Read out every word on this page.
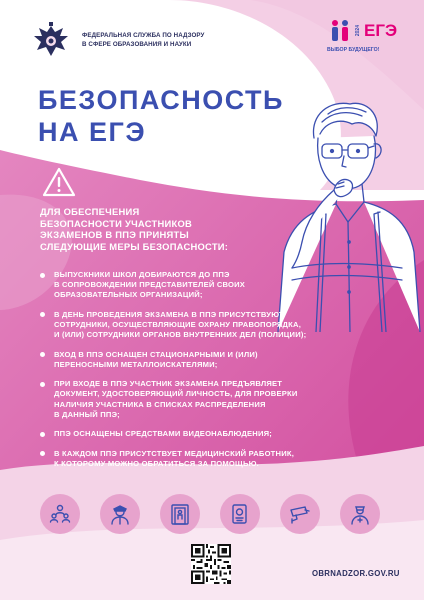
ФЕДЕРАЛЬНАЯ СЛУЖБА ПО НАДЗОРУ
В СФЕРЕ ОБРАЗОВАНИЯ И НАУКИ
2024 ЕГЭ
ВЫБОР БУДУЩЕГО!
БЕЗОПАСНОСТЬ
НА ЕГЭ
ДЛЯ ОБЕСПЕЧЕНИЯ
БЕЗОПАСНОСТИ УЧАСТНИКОВ
ЭКЗАМЕНОВ В ППЭ ПРИНЯТЫ
СЛЕДУЮЩИЕ МЕРЫ БЕЗОПАСНОСТИ:
ВЫПУСКНИКИ ШКОЛ ДОБИРАЮТСЯ ДО ППЭ
В СОПРОВОЖДЕНИИ ПРЕДСТАВИТЕЛЕЙ СВОИХ
ОБРАЗОВАТЕЛЬНЫХ ОРГАНИЗАЦИЙ;
В ДЕНЬ ПРОВЕДЕНИЯ ЭКЗАМЕНА В ППЭ ПРИСУТСТВУЮТ
СОТРУДНИКИ, ОСУЩЕСТВЛЯЮЩИЕ ОХРАНУ ПРАВОПОРЯДКА,
И (ИЛИ) СОТРУДНИКИ ОРГАНОВ ВНУТРЕННИХ ДЕЛ (ПОЛИЦИИ);
ВХОД В ППЭ ОСНАЩЕН СТАЦИОНАРНЫМИ И (ИЛИ)
ПЕРЕНОСНЫМИ МЕТАЛЛОИСКАТЕЛЯМИ;
ПРИ ВХОДЕ В ППЭ УЧАСТНИК ЭКЗАМЕНА ПРЕДЪЯВЛЯЕТ
ДОКУМЕНТ, УДОСТОВЕРЯЮЩИЙ ЛИЧНОСТЬ, ДЛЯ ПРОВЕРКИ
НАЛИЧИЯ УЧАСТНИКА В СПИСКАХ РАСПРЕДЕЛЕНИЯ
В ДАННЫЙ ППЭ;
ППЭ ОСНАЩЕНЫ СРЕДСТВАМИ ВИДЕОНАБЛЮДЕНИЯ;
В КАЖДОМ ППЭ ПРИСУТСТВУЕТ МЕДИЦИНСКИЙ РАБОТНИК,
К КОТОРОМУ МОЖНО ОБРАТИТЬСЯ ЗА ПОМОЩЬЮ.
OBRNADZOR.GOV.RU
